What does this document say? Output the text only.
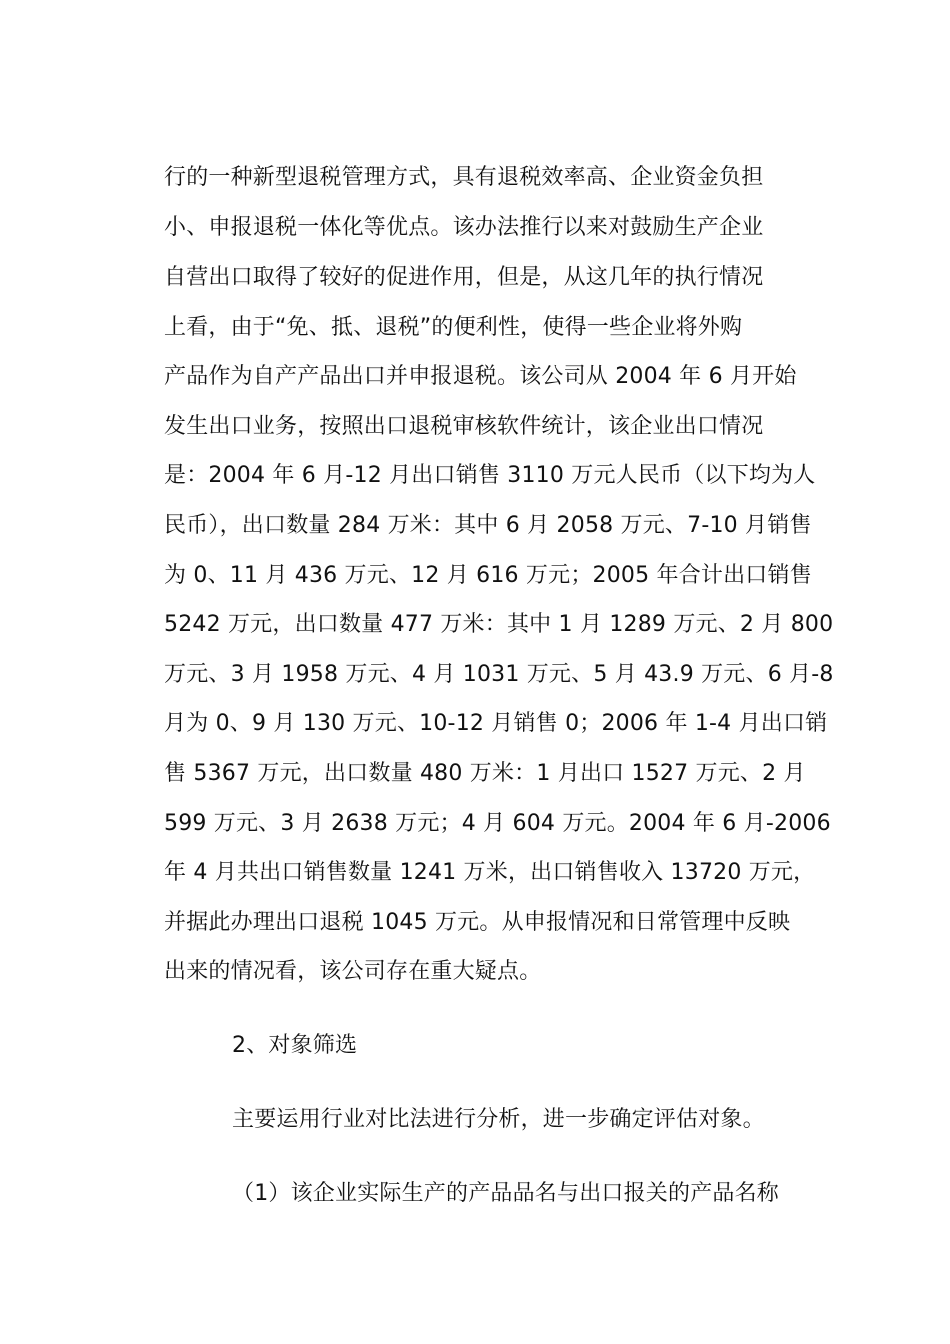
行的一种新型退税管理方式，具有退税效率高、企业资金负担
小、申报退税一体化等优点。该办法推行以来对鼓励生产企业
自营出口取得了较好的促进作用，但是，从这几年的执行情况
上看，由于“免、抵、退税”的便利性，使得一些企业将外购
产品作为自产产品出口并申报退税。该公司从 2004 年 6 月开始
发生出口业务，按照出口退税审核软件统计，该企业出口情况
是：2004 年 6 月-12 月出口销售 3110 万元人民币（以下均为人
民币），出口数量 284 万米：其中 6 月 2058 万元、7-10 月销售
为 0、11 月 436 万元、12 月 616 万元；2005 年合计出口销售
5242 万元，出口数量 477 万米：其中 1 月 1289 万元、2 月 800
万元、3 月 1958 万元、4 月 1031 万元、5 月 43.9 万元、6 月-8
月为 0、9 月 130 万元、10-12 月销售 0；2006 年 1-4 月出口销
售 5367 万元，出口数量 480 万米：1 月出口 1527 万元、2 月
599 万元、3 月 2638 万元；4 月 604 万元。2004 年 6 月-2006
年 4 月共出口销售数量 1241 万米，出口销售收入 13720 万元，
并据此办理出口退税 1045 万元。从申报情况和日常管理中反映
出来的情况看，该公司存在重大疑点。
2、对象筛选
主要运用行业对比法进行分析，进一步确定评估对象。
（1）该企业实际生产的产品品名与出口报关的产品名称
